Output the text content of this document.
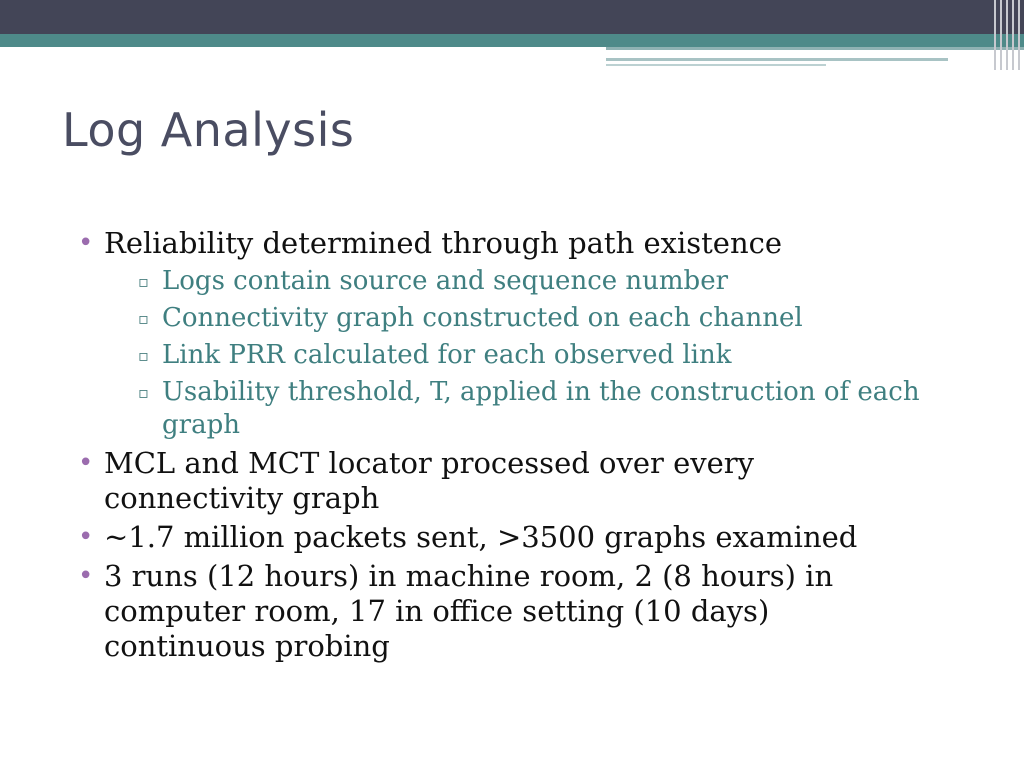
Log Analysis
• Reliability determined through path existence
▫ Logs contain source and sequence number
▫ Connectivity graph constructed on each channel
▫ Link PRR calculated for each observed link
▫ Usability threshold, T, applied in the construction of each graph
• MCL and MCT locator processed over every connectivity graph
• ~1.7 million packets sent, >3500 graphs examined
• 3 runs (12 hours) in machine room, 2 (8 hours) in computer room, 17 in office setting (10 days) continuous probing
